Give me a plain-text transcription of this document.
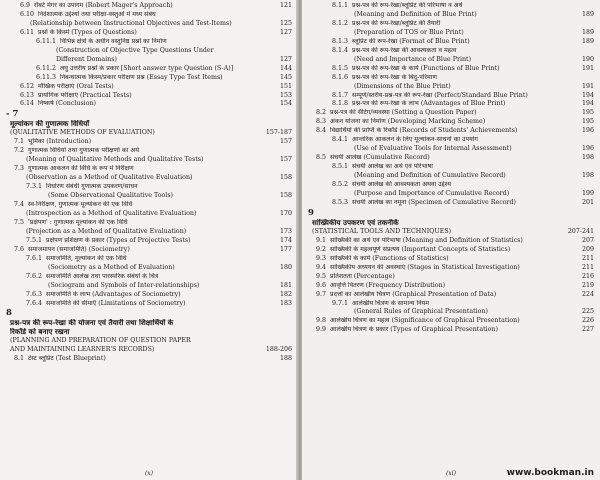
6.9 रॉबर्ट मेगर का उपागम (Robert Mager's Approach)	121
6.10 निर्देशात्मक उद्देश्यों तथा परीक्षा-वस्तुओं में मध्य संबंध
(Relationship between Instructional Objectives and Test-Items)	125
6.11 प्रश्नों के किस्में (Types of Questions)	127
6.11.1 विभिन्न क्षेत्रों के अधीन वस्तुनिष्ठ प्रश्नों का निर्माण
(Construction of Objective Type Questions Under
Different Domains)	127
6.11.2 लघु उत्तरीय प्रश्नों के प्रकार [Short answer type Question (S-A)]	144
6.11.3 निबन्धात्मक किस्म/प्रकार परीक्षण प्रश्न (Essay Type Test Items)	145
6.12 मौखिक परीक्षाएं (Oral Tests)	151
6.13 प्रायोगिक परीक्षाएं (Practical Tests)	153
6.14 निष्कर्ष (Conclusion)	154
- 7
मूल्यांकन की गुणात्मक विधियाँ
(QUALITATIVE METHODS OF EVALUATION)	157-187
7.1 भूमिका (Introduction)	157
7.2 गुणात्मक विधियों तथा गुणात्मक परीक्षणों का अर्थ
(Meaning of Qualitative Methods and Qualitative Tests)	157
7.3 गुणात्मक आकलन की विधि के रूप में निरीक्षण
(Observation as a Method of Qualitative Evaluation)	158
7.3.1 निर्धारण संबंधी गुणात्मक उपकरण/साधन
(Some Observational Qualitative Tools)	158
7.4 स्व-निरीक्षण, गुणात्मक मूल्यांकन की एक विधि
(Introspection as a Method of Qualitative Evaluation)	170
7.5 'प्रक्षेपण' : गुणात्मक मूल्यांकन की एक विधि
(Projection as a Method of Qualitative Evaluation)	173
7.5.1 प्रक्षेपण प्रशिक्षण के प्रकार (Types of Projective Tests)	174
7.6 समाजमापन (समाजमिति) (Sociometry)	177
7.6.1 समाजमिति, मूल्यांकन की एक विधि
(Sociometry as a Method of Evaluation)	180
7.6.2 समाजमिति आलेख तथा पारस्परिक संबंधों के चित्र
(Sociogram and Symbols of Inter-relationships)	181
7.6.3 समाजमिति के लाभ (Advantages of Sociometry)	182
7.6.4 समाजमिति की सीमाएँ (Limitations of Sociometry)	183
8
प्रश्न-पत्र की रूप-रेखा की योजना एवं तैयारी तथा शिक्षार्थियों के
रिकॉर्ड को बनाए रखना
(PLANNING AND PREPARATION OF QUESTION PAPER
AND MAINTAINING LEARNER'S RECORDS)	188-206
8.1 टेस्ट ब्लूप्रिंट (Test Blueprint)	188
(x)
8.1.1 प्रश्न-पत्र की रूप-रेखा/ब्लूप्रिंट की परिभाषा व अर्थ
(Meaning and Definition of Blue Print)	189
8.1.2 प्रश्न-पत्र की रूप-रेखा/ब्लूप्रिंट की तैयारी
(Preparation of TOS or Blue Print)	189
8.1.3 ब्लूप्रिंट की रूप-रेखा (Format of Blue Print)	189
8.1.4 प्रश्न-पत्र की रूप-रेखा की आवश्यकता व महत्व
(Need and Importance of Blue Print)	190
8.1.5 प्रश्न-पत्र की रूप-रेखा के कार्य (Functions of Blue Print)	191
8.1.6 प्रश्न-पत्र की रूप-रेखा के बिंदु-परिमाण
(Dimensions of the Blue Print)	191
8.1.7 सम्पूर्ण/स्तरीय-प्रश्न-पत्र की रूप-रेखा (Perfect/Standard Blue Print)	194
8.1.8 प्रश्न-पत्र की रूप-रेखा के लाभ (Advantages of Blue Print)	194
8.2 प्रश्न-पत्र की सैटिंग/व्यवस्था (Setting a Question Paper)	195
8.3 अंकन योजना का निर्माण (Developing Marking Scheme)	195
8.4 विद्यार्थियों की प्राप्ति के रिकॉर्ड (Records of Students' Achievements)	196
8.4.1 आन्तरिक आकलन के लिए मूल्यांकन-साधनों का उपयोग
(Use of Evaluative Tools for Internal Assessment)	196
8.5 संचयी आलेख (Cumulative Record)	198
8.5.1 संचयी आलेख का अर्थ एवं परिभाषा
(Meaning and Definition of Cumulative Record)	198
8.5.2 संचयी आलेख की आवश्यकता अथवा उद्देश्य
(Purpose and Importance of Cumulative Record)	199
8.5.3 संचयी आलेख का नमूना (Specimen of Cumulative Record)	201
9
सांख्यिकीय उपकरण एवं तकनीकें
(STATISTICAL TOOLS AND TECHNIQUES)	207-241
9.1 सांख्यिकी का अर्थ एवं परिभाषा (Meaning and Definition of Statistics)	207
9.2 सांख्यिकी के महत्वपूर्ण संप्रत्यय (Important Concepts of Statistics)	209
9.3 सांख्यिकी के कार्य (Functions of Statistics)	211
9.4 सांख्यिकीय अध्ययन की अवस्थाएं (Stages in Statistical Investigation)	211
9.5 प्रतिशतता (Percentage)	216
9.6 आवृत्ति वितरण (Frequency Distribution)	219
9.7 प्रदत्तों का आलेखीय चित्रण (Graphical Presentation of Data)	224
9.7.1 आलेखीय चित्रण के सामान्य नियम
(General Rules of Graphical Presentation)	225
9.8 आलेखीय चित्रण का महत्व (Significance of Graphical Presentation)	226
9.9 आलेखीय चित्रण के प्रकार (Types of Graphical Presentation)	227
(xi)	www.bookman.in
